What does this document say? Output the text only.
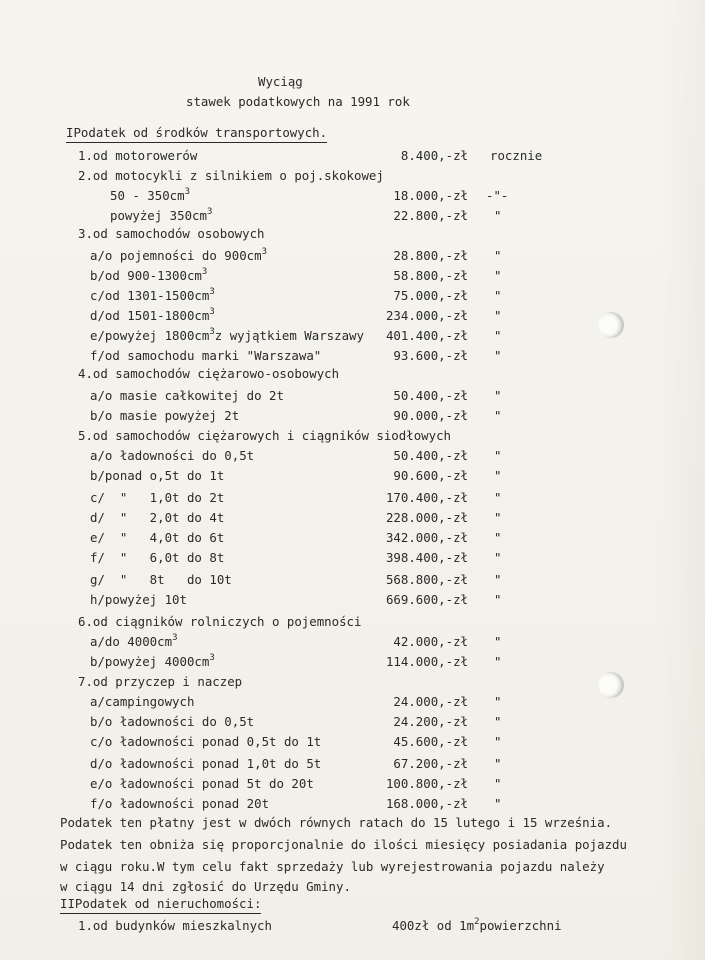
Wyciąg
stawek podatkowych na 1991 rok
IPodatek od środków transportowych.
1.od motorowerów	8.400,-zł rocznie
2.od motocykli z silnikiem o poj.skokowej
$50 - 350cm^3$	18.000,-zł -"-
powyżej $350cm^3$	22.800,-zł "
3.od samochodów osobowych
a/o pojemności do $900cm^3$	28.800,-zł "
b/od $900-1300cm^3$	58.800,-zł "
c/od $1301-1500cm^3$	75.000,-zł "
d/od $1501-1800cm^3$	234.000,-zł "
e/powyżej $1800cm^3z$ wyjątkiem Warszawy	401.400,-zł "
f/od samochodu marki "Warszawa"	93.600,-zł "
4.od samochodów ciężarowo-osobowych
a/o masie całkowitej do 2t	50.400,-zł "
b/o masie powyżej 2t	90.000,-zł "
5.od samochodów ciężarowych i ciągników siodłowych
a/o ładowności do 0,5t	50.400,-zł "
b/ponad o,5t do 1t	90.600,-zł "
c/  "   1,0t do 2t	170.400,-zł "
d/  "   2,0t do 4t	228.000,-zł "
e/  "   4,0t do 6t	342.000,-zł "
f/  "   6,0t do 8t	398.400,-zł "
g/  "   8t   do 10t	568.800,-zł "
h/powyżej 10t	669.600,-zł "
6.od ciągników rolniczych o pojemności
a/do $4000cm^3$	42.000,-zł "
b/powyżej $4000cm^3$	114.000,-zł "
7.od przyczep i naczep
a/campingowych	24.000,-zł "
b/o ładowności do 0,5t	24.200,-zł "
c/o ładowności ponad 0,5t do 1t	45.600,-zł "
d/o ładowności ponad 1,0t do 5t	67.200,-zł "
e/o ładowności ponad 5t do 20t	100.800,-zł "
f/o ładowności ponad 20t	168.000,-zł "
Podatek ten płatny jest w dwóch równych ratach do 15 lutego i 15 września.
Podatek ten obniża się proporcjonalnie do ilości miesięcy posiadania pojazdu
w ciągu roku.W tym celu fakt sprzedaży lub wyrejestrowania pojazdu należy
w ciągu 14 dni zgłosić do Urzędu Gminy.
IIPodatek od nieruchomości:
1.od budynków mieszkalnych	400zł od $1m^2powierzchni$
